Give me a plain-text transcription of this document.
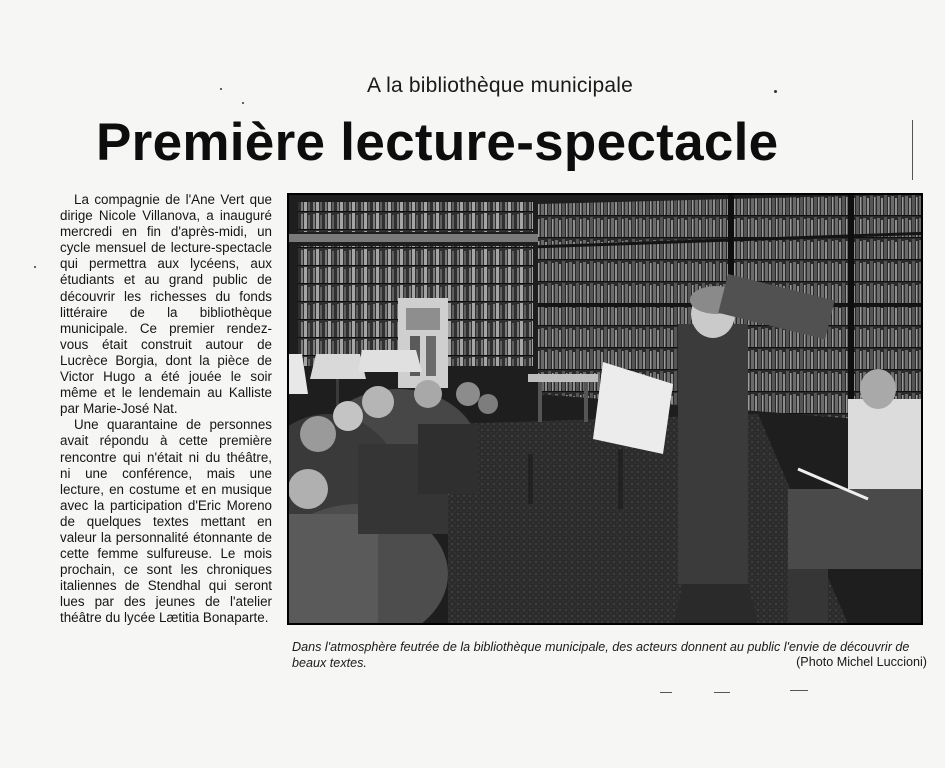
A la bibliothèque municipale
Première lecture-spectacle

La compagnie de l'Ane Vert que dirige Nicole Villanova, a inauguré mercredi en fin d'après-midi, un cycle mensuel de lecture-spectacle qui permettra aux lycéens, aux étudiants et au grand public de découvrir les richesses du fonds littéraire de la bibliothèque municipale. Ce premier rendez-vous était construit autour de Lucrèce Borgia, dont la pièce de Victor Hugo a été jouée le soir même et le lendemain au Kalliste par Marie-José Nat.

Une quarantaine de personnes avait répondu à cette première rencontre qui n'était ni du théâtre, ni une conférence, mais une lecture, en costume et en musique avec la participation d'Eric Moreno de quelques textes mettant en valeur la personnalité étonnante de cette femme sulfureuse. Le mois prochain, ce sont les chroniques italiennes de Stendhal qui seront lues par des jeunes de l'atelier théâtre du lycée Lætitia Bonaparte.

Dans l'atmosphère feutrée de la bibliothèque municipale, des acteurs donnent au public l'envie de découvrir de beaux textes.	(Photo Michel Luccioni)
